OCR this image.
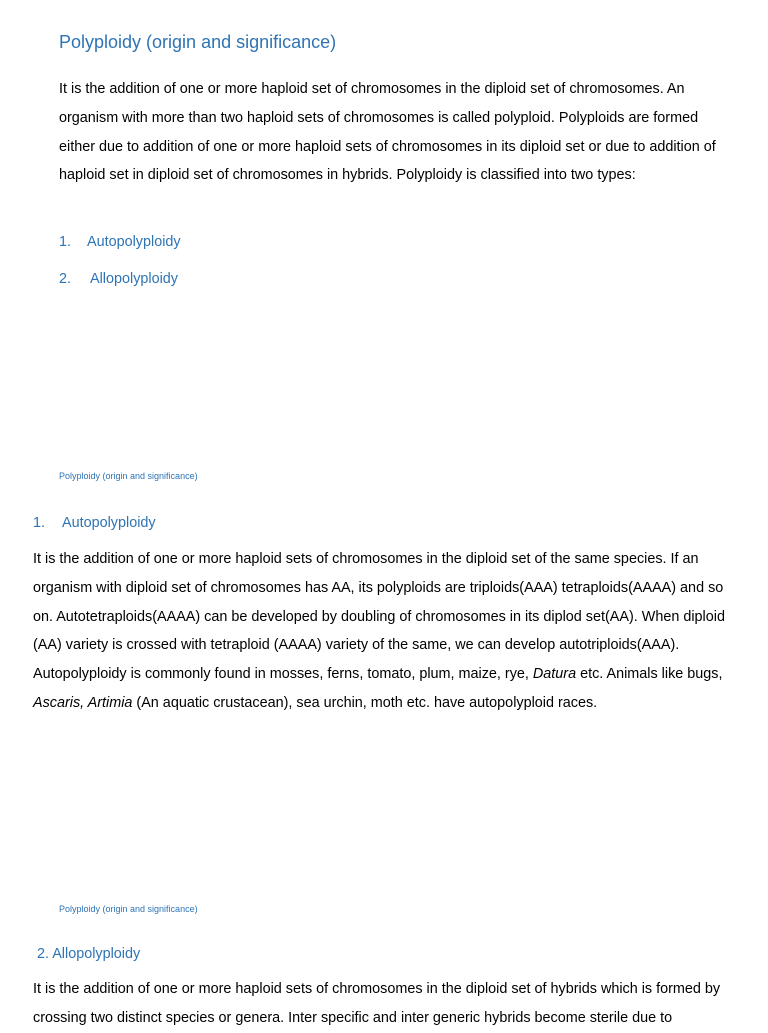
Polyploidy (origin and significance)

It is the addition of one or more haploid set of chromosomes in the diploid set of chromosomes. An organism with more than two haploid sets of chromosomes is called polyploid. Polyploids are formed either due to addition of one or more haploid sets of chromosomes in its diploid set or due to addition of haploid set in diploid set of chromosomes in hybrids. Polyploidy is classified into two types:

1. Autopolyploidy
2. Allopolyploidy
Polyploidy (origin and significance)
1. Autopolyploidy

It is the addition of one or more haploid sets of chromosomes in the diploid set of the same species. If an organism with diploid set of chromosomes has AA, its polyploids are triploids(AAA) tetraploids(AAAA) and so on. Autotetraploids(AAAA) can be developed by doubling of chromosomes in its diplod set(AA). When diploid (AA) variety is crossed with tetraploid (AAAA) variety of the same, we can develop autotriploids(AAA). Autopolyploidy is commonly found in mosses, ferns, tomato, plum, maize, rye, Datura etc. Animals like bugs, Ascaris, Artimia (An aquatic crustacean), sea urchin, moth etc. have autopolyploid races.

Polyploidy (origin and significance)
2. Allopolyploidy

It is the addition of one or more haploid sets of chromosomes in the diploid set of hybrids which is formed by crossing two distinct species or genera. Inter specific and inter generic hybrids become sterile due to
